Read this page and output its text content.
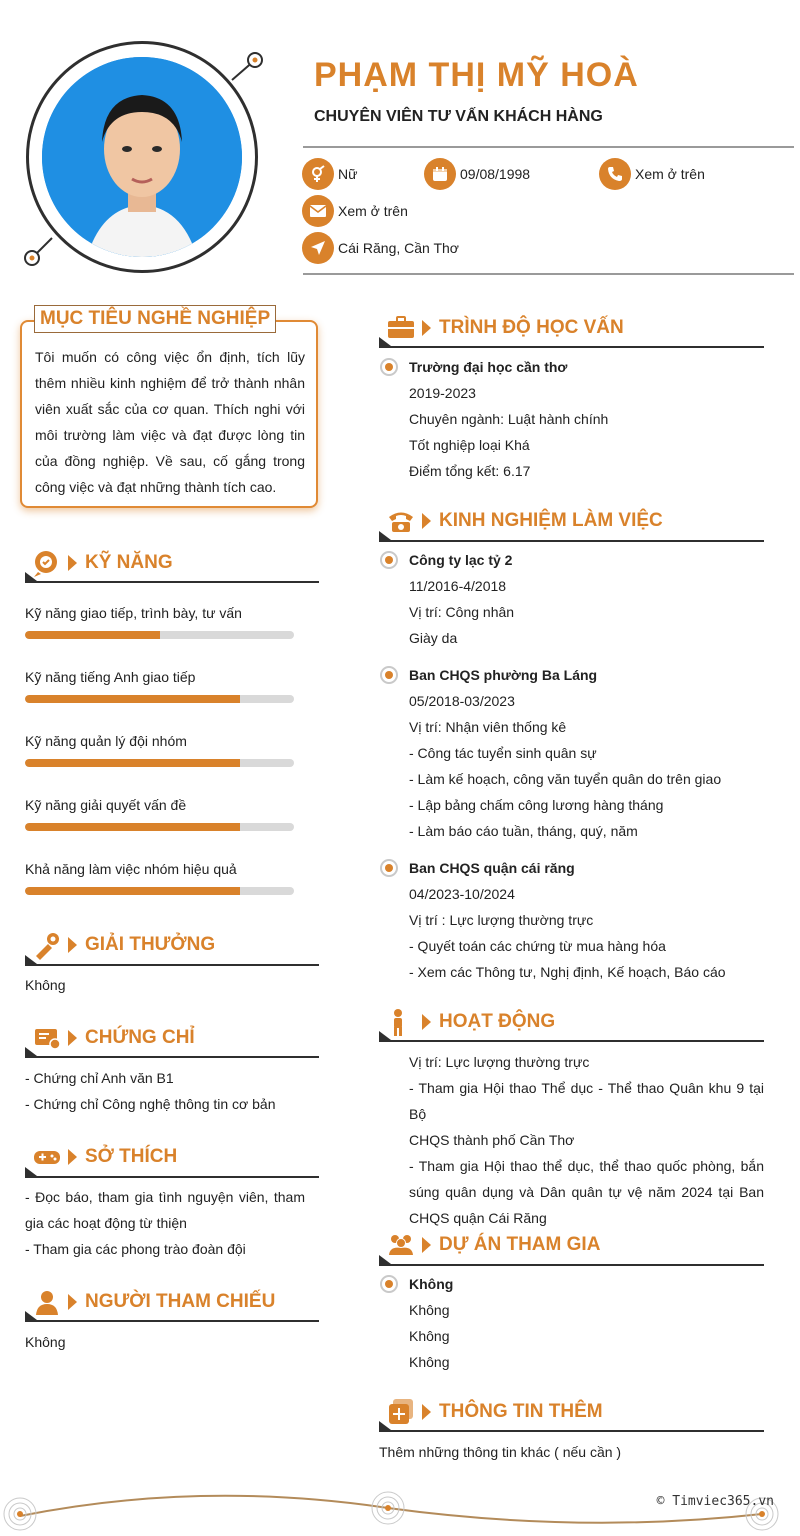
PHẠM THỊ MỸ HOÀ
CHUYÊN VIÊN TƯ VẤN KHÁCH HÀNG
Nữ	09/08/1998	Xem ở trên
Xem ở trên
Cái Răng, Cần Thơ
MỤC TIÊU NGHỀ NGHIỆP
Tôi muốn có công việc ổn định, tích lũy thêm nhiều kinh nghiệm để trở thành nhân viên xuất sắc của cơ quan. Thích nghi với môi trường làm việc và đạt được lòng tin của đồng nghiệp. Về sau, cố gắng trong công việc và đạt những thành tích cao.
KỸ NĂNG
Kỹ năng giao tiếp, trình bày, tư vấn
Kỹ năng tiếng Anh giao tiếp
Kỹ năng quản lý đội nhóm
Kỹ năng giải quyết vấn đề
Khả năng làm việc nhóm hiệu quả
GIẢI THƯỞNG
Không
CHỨNG CHỈ
- Chứng chỉ Anh văn B1
- Chứng chỉ Công nghệ thông tin cơ bản
SỞ THÍCH
- Đọc báo, tham gia tình nguyện viên, tham
gia các hoạt động từ thiện
- Tham gia các phong trào đoàn đội
NGƯỜI THAM CHIẾU
Không
TRÌNH ĐỘ HỌC VẤN
Trường đại học cần thơ
2019-2023
Chuyên ngành: Luật hành chính
Tốt nghiệp loại Khá
Điểm tổng kết: 6.17
KINH NGHIỆM LÀM VIỆC
Công ty lạc tỷ 2
11/2016-4/2018
Vị trí: Công nhân
Giày da
Ban CHQS phường Ba Láng
05/2018-03/2023
Vị trí: Nhận viên thống kê
- Công tác tuyển sinh quân sự
- Làm kế hoạch, công văn tuyển quân do trên giao
- Lập bảng chấm công lương hàng tháng
- Làm báo cáo tuần, tháng, quý, năm
Ban CHQS quận cái răng
04/2023-10/2024
Vị trí : Lực lượng thường trực
- Quyết toán các chứng từ mua hàng hóa
- Xem các Thông tư, Nghị định, Kế hoạch, Báo cáo
HOẠT ĐỘNG
Vị trí: Lực lượng thường trực
- Tham gia Hội thao Thể dục - Thể thao Quân khu 9 tại Bộ
CHQS thành phố Cần Thơ
- Tham gia Hội thao thể dục, thể thao quốc phòng, bắn
súng quân dụng và Dân quân tự vệ năm 2024 tại Ban
CHQS quận Cái Răng
DỰ ÁN THAM GIA
Không
Không
Không
Không
THÔNG TIN THÊM
Thêm những thông tin khác ( nếu cần )
© Timviec365.vn
